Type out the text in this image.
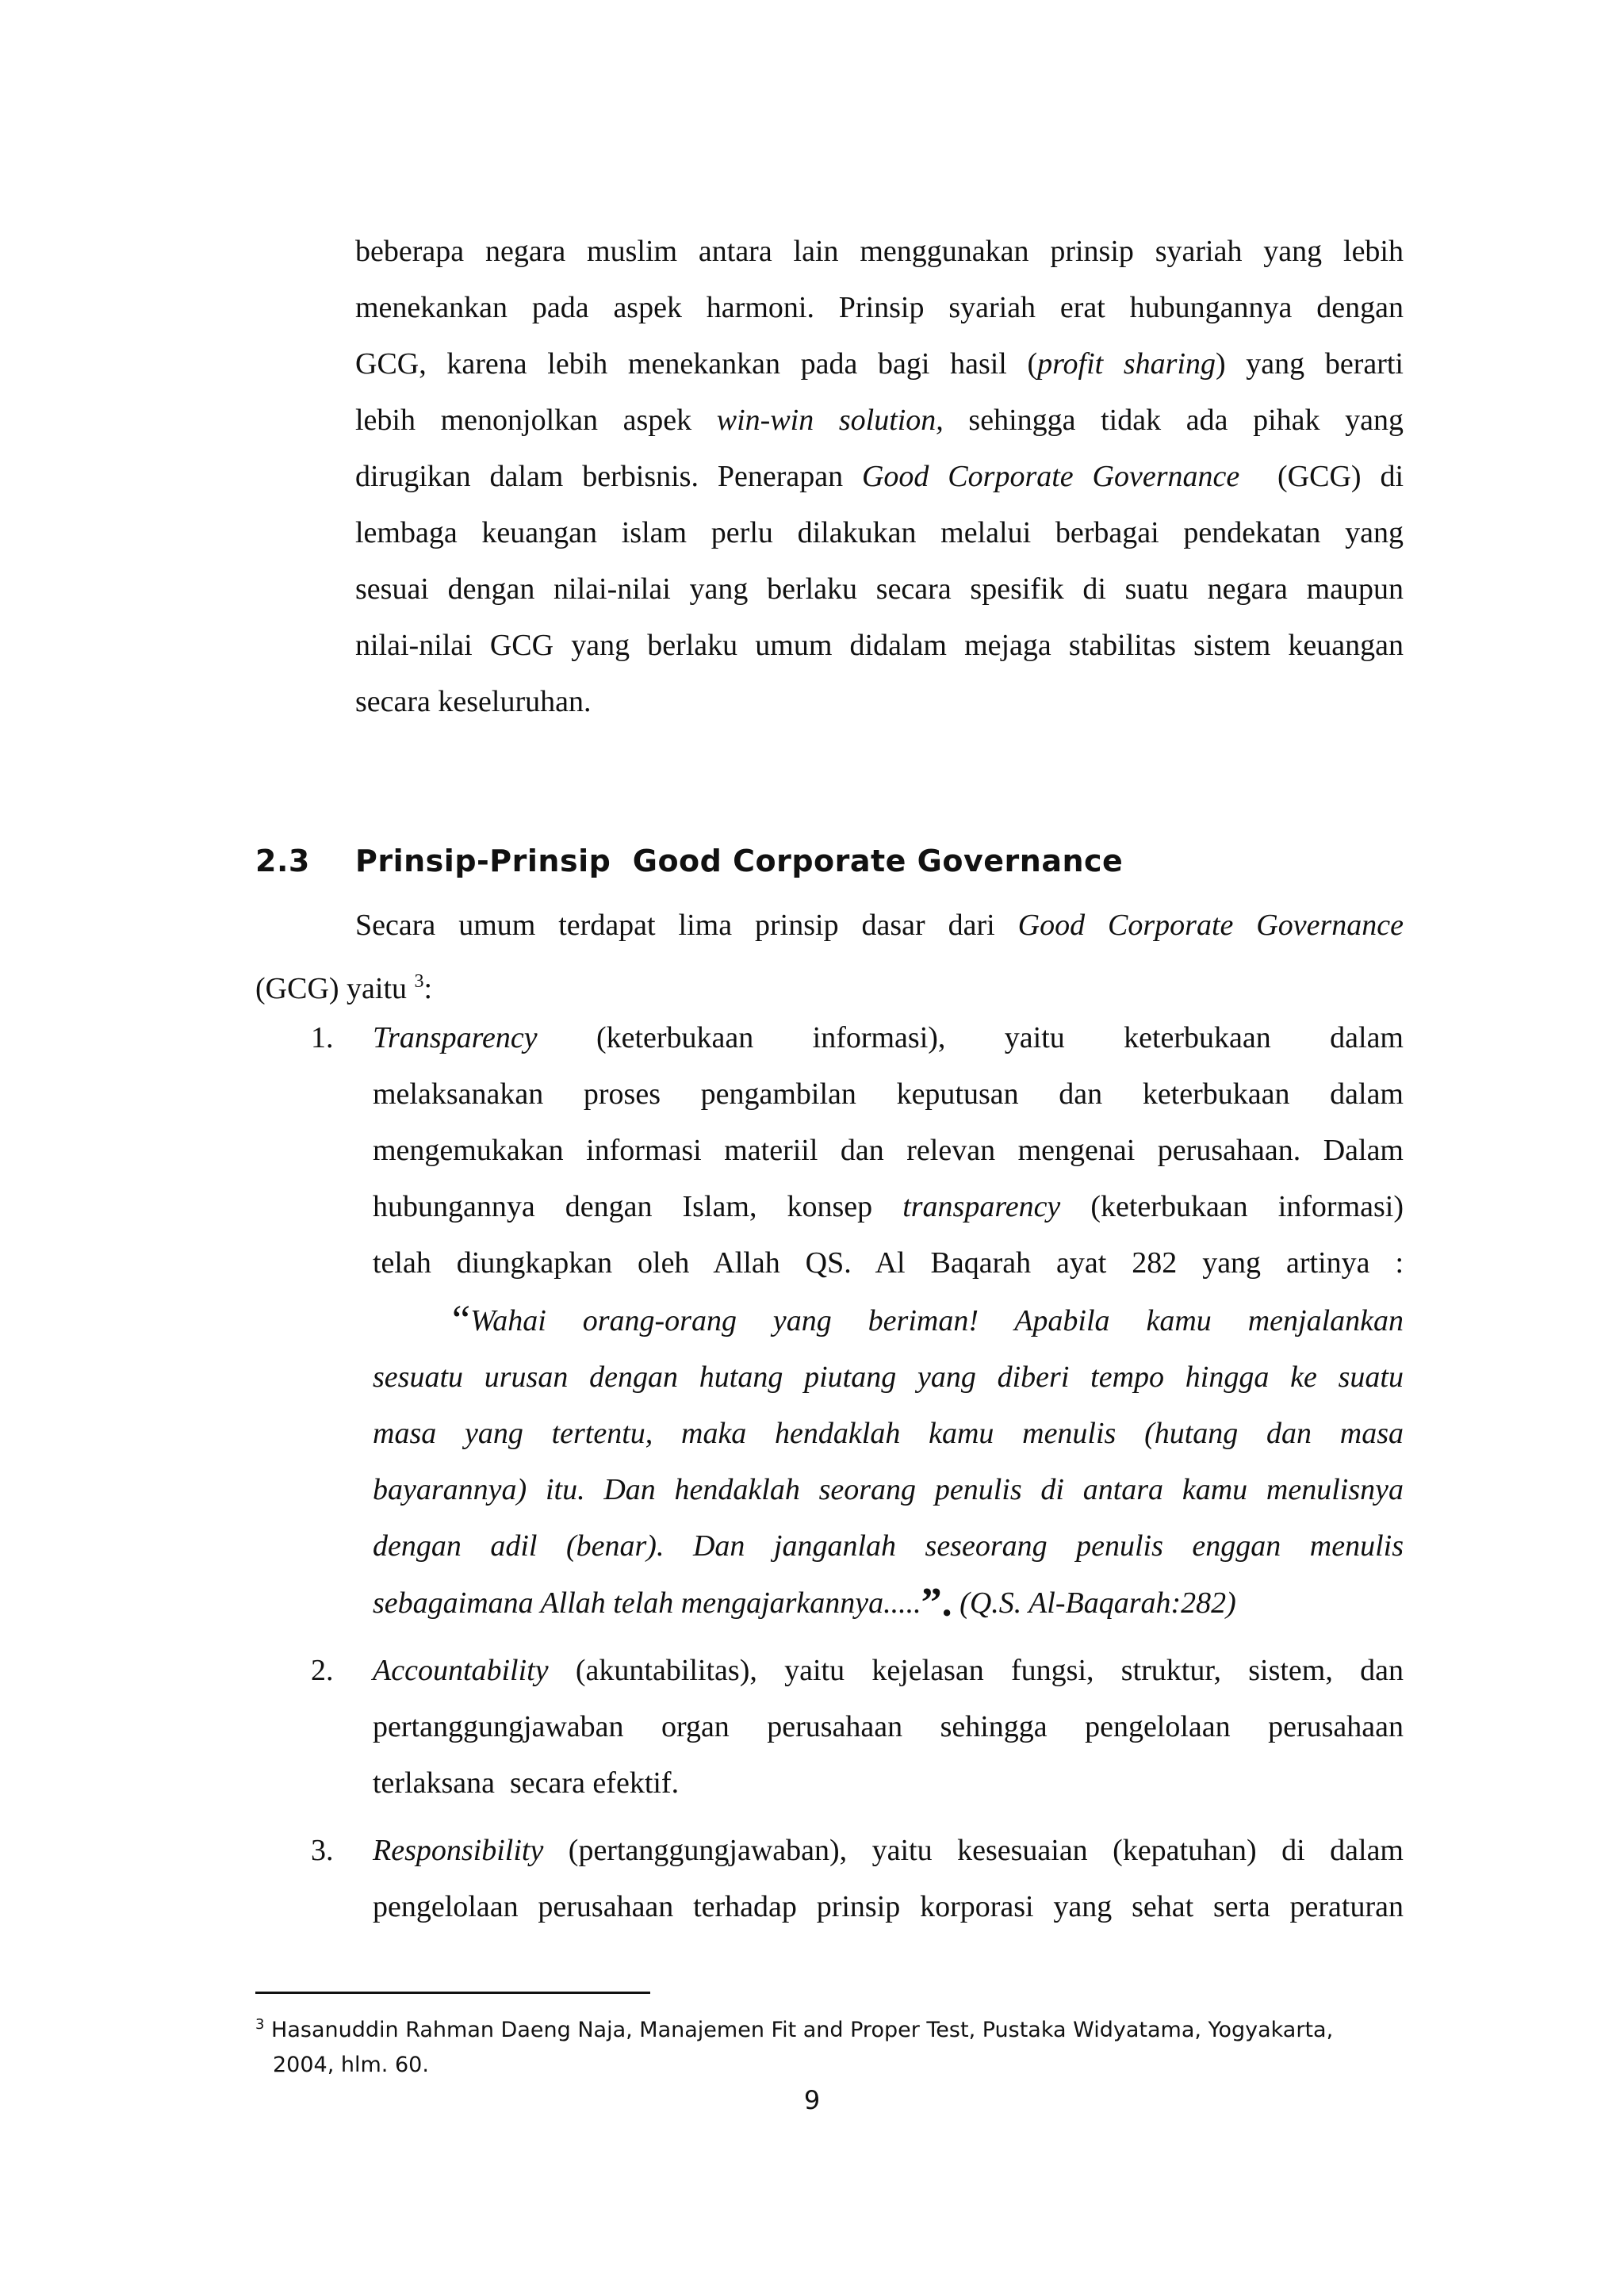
beberapa negara muslim antara lain menggunakan prinsip syariah yang lebih
menekankan pada aspek harmoni. Prinsip syariah erat hubungannya dengan
GCG, karena lebih menekankan pada bagi hasil (profit sharing) yang berarti
lebih menonjolkan aspek win-win solution, sehingga tidak ada pihak yang
dirugikan dalam berbisnis. Penerapan Good Corporate Governance  (GCG) di
lembaga keuangan islam perlu dilakukan melalui berbagai pendekatan yang
sesuai dengan nilai-nilai yang berlaku secara spesifik di suatu negara maupun
nilai-nilai GCG yang berlaku umum didalam mejaga stabilitas sistem keuangan
secara keseluruhan.
2.3 Prinsip-Prinsip  Good Corporate Governance
Secara umum terdapat lima prinsip dasar dari Good Corporate Governance
(GCG) yaitu $^3$:
1. Transparency (keterbukaan informasi), yaitu keterbukaan dalam
melaksanakan proses pengambilan keputusan dan keterbukaan dalam
mengemukakan informasi materiil dan relevan mengenai perusahaan. Dalam
hubungannya dengan Islam, konsep transparency (keterbukaan informasi)
telah diungkapkan oleh Allah QS. Al Baqarah ayat 282 yang artinya :
“Wahai orang-orang yang beriman! Apabila kamu menjalankan
sesuatu urusan dengan hutang piutang yang diberi tempo hingga ke suatu
masa yang tertentu, maka hendaklah kamu menulis (hutang dan masa
bayarannya) itu. Dan hendaklah seorang penulis di antara kamu menulisnya
dengan adil (benar). Dan janganlah seseorang penulis enggan menulis
sebagaimana Allah telah mengajarkannya.....”. (Q.S. Al-Baqarah:282)
2. Accountability (akuntabilitas), yaitu kejelasan fungsi, struktur, sistem, dan
pertanggungjawaban organ perusahaan sehingga pengelolaan perusahaan
terlaksana  secara efektif.
3. Responsibility (pertanggungjawaban), yaitu kesesuaian (kepatuhan) di dalam
pengelolaan perusahaan terhadap prinsip korporasi yang sehat serta peraturan
$^3$ Hasanuddin Rahman Daeng Naja, Manajemen Fit and Proper Test, Pustaka Widyatama, Yogyakarta,
2004, hlm. 60.
9
